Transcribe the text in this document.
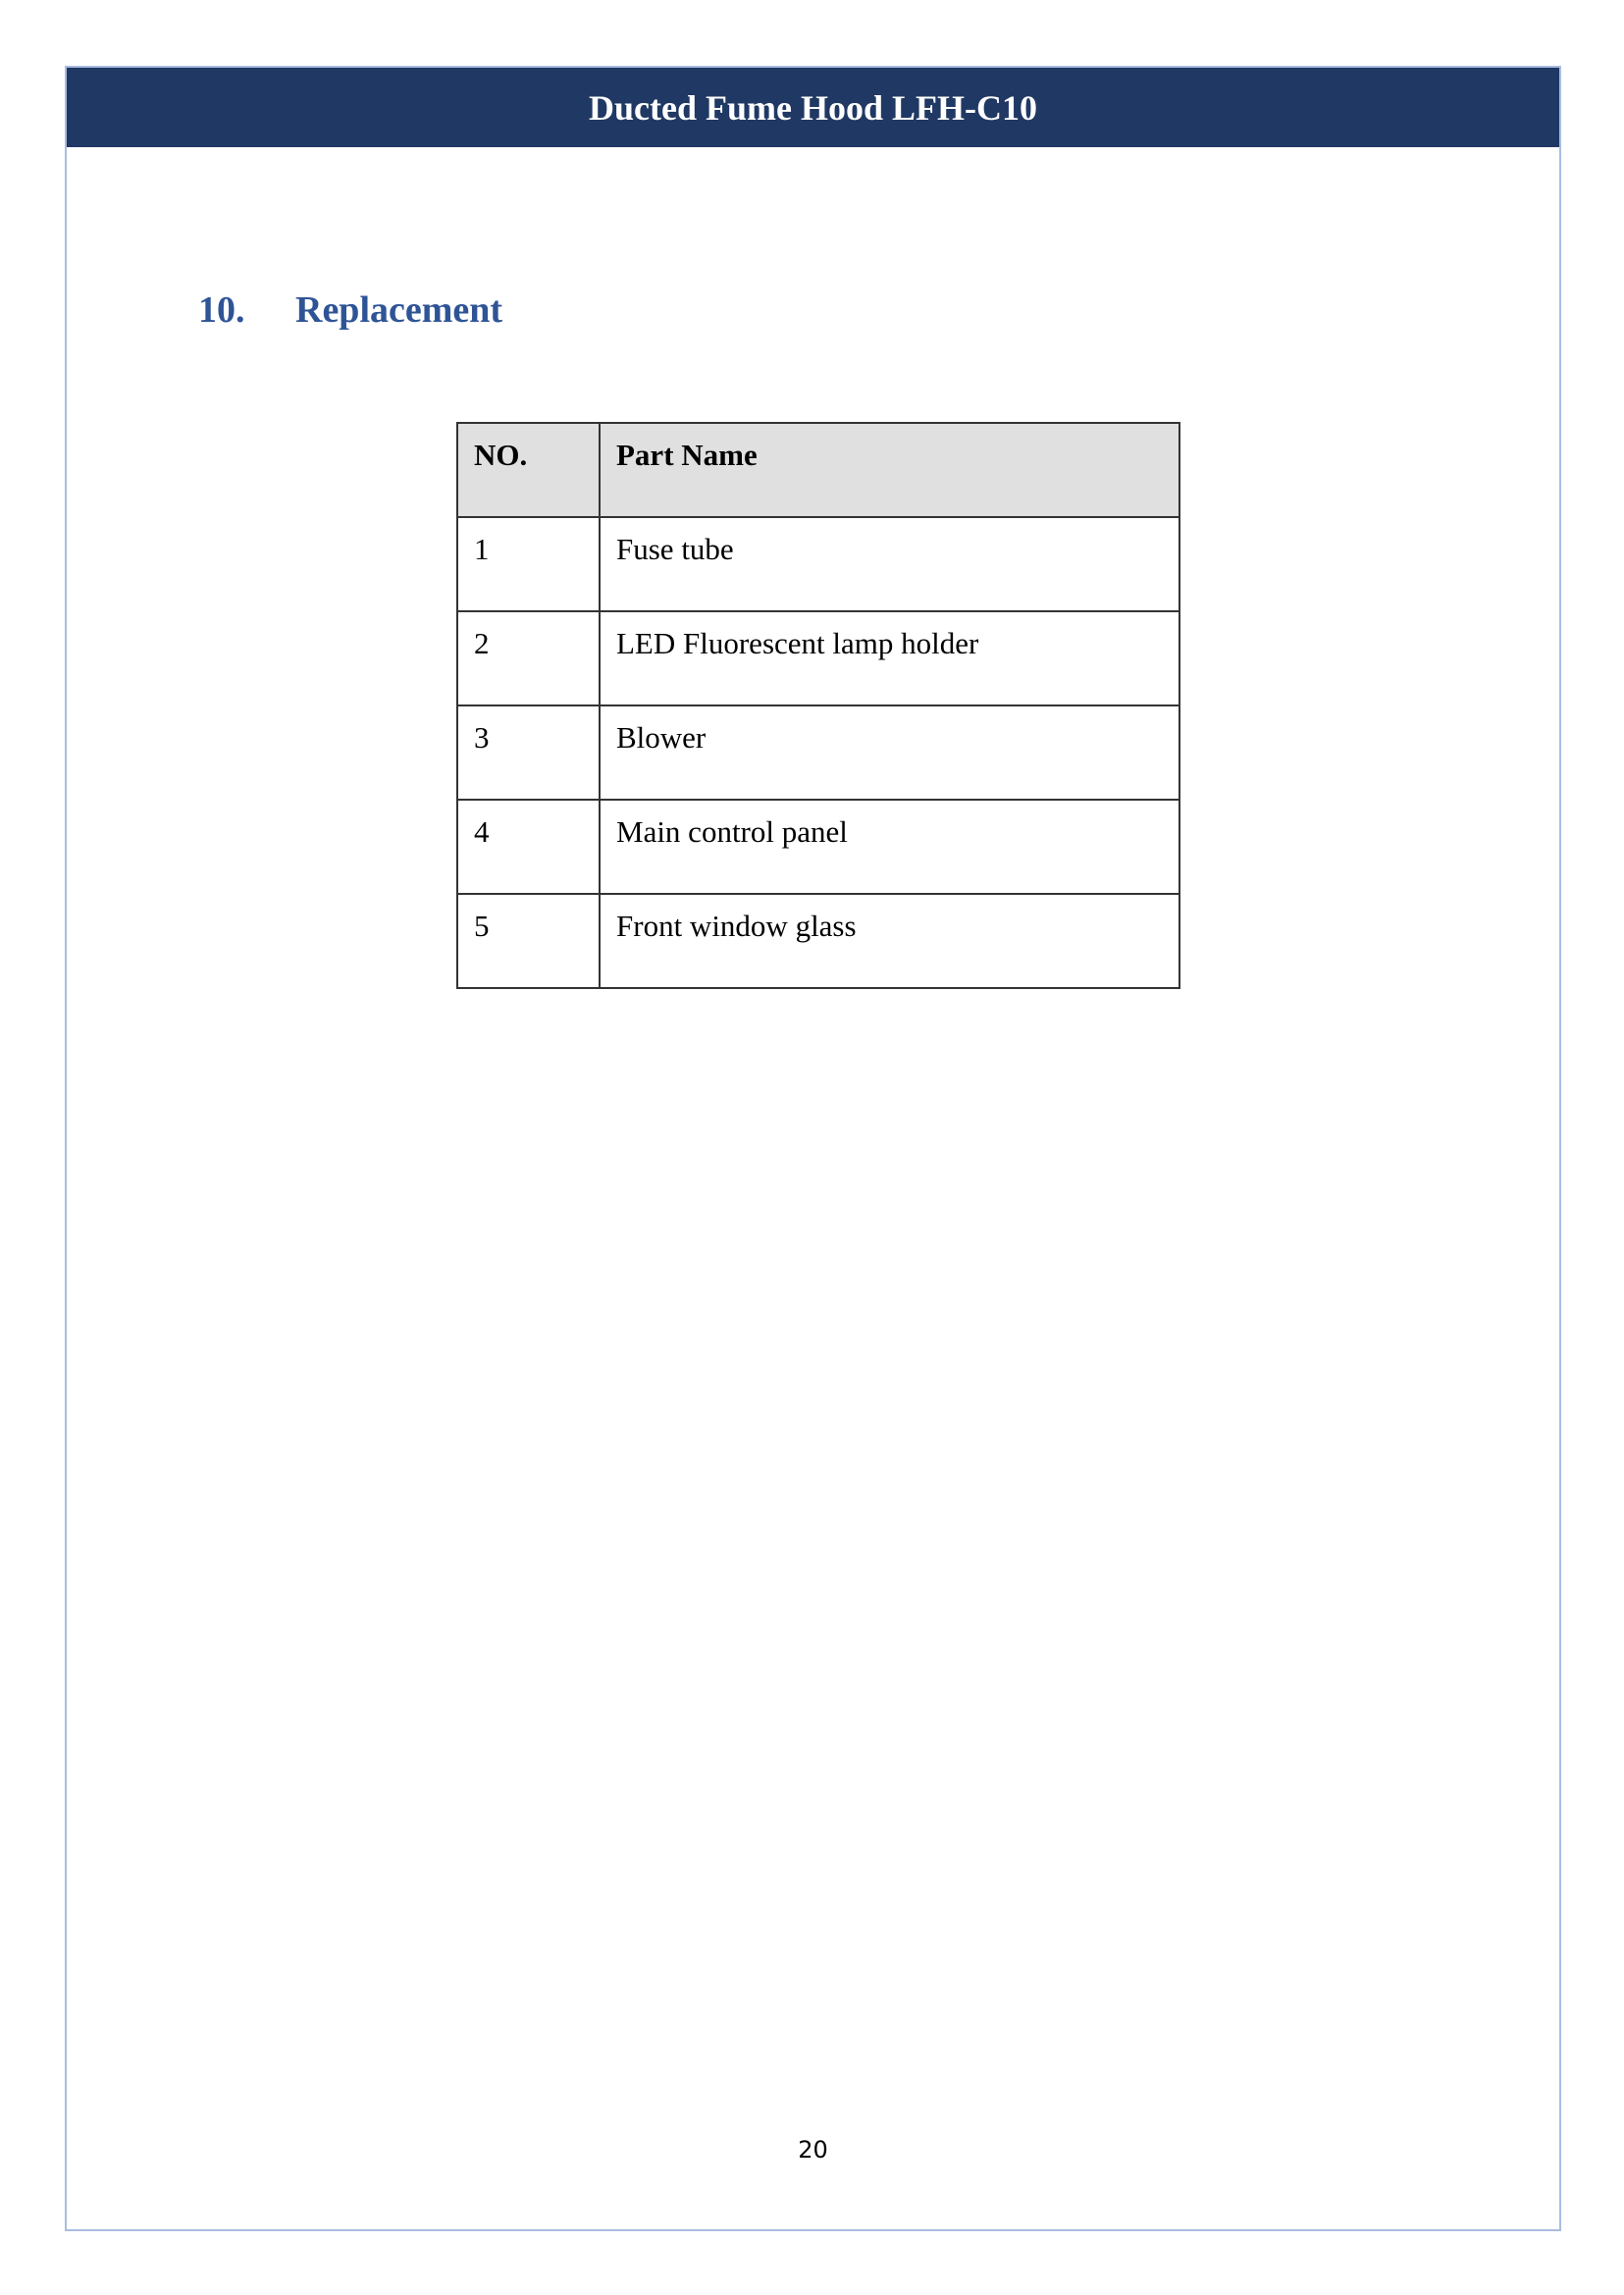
Ducted Fume Hood LFH-C10
10. Replacement
NO.	Part Name
1	Fuse tube
2	LED Fluorescent lamp holder
3	Blower
4	Main control panel
5	Front window glass
20
